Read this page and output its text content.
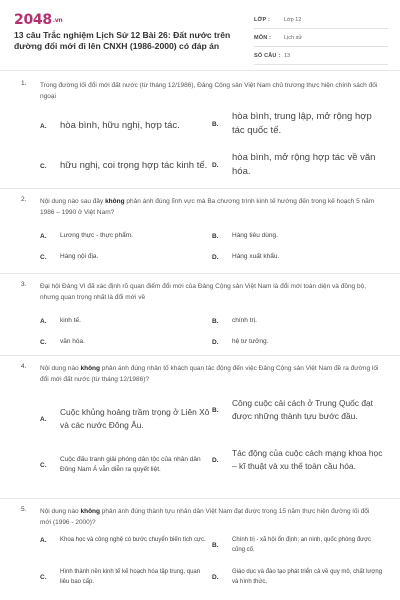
2048.vn
13 câu Trắc nghiệm Lịch Sử 12 Bài 26: Đất nước trên đường đổi mới đi lên CNXH (1986-2000) có đáp án
LỚP :	Lớp 12
MÔN : Lịch sử
SỐ CÂU : 13
1. Trong đường lối đổi mới đất nước (từ tháng 12/1986), Đảng Cộng sản Việt Nam chủ trương thực hiện chính sách đối ngoại
A.	hòa bình, hữu nghị, hợp tác.	B.
hòa bình, trung lập, mở rộng hợp tác quốc tế.
C.	hữu nghị, coi trọng hợp tác kinh tế. D.
hòa bình, mở rộng hợp tác về văn hóa.
2. Nội dung nào sau đây không phản ánh đúng lĩnh vực mà Ba chương trình kinh tế hướng đến trong kế hoạch 5 năm 1986 – 1990 ở Việt Nam?
A.	Lương thực - thực phẩm.	B.	Hàng tiêu dùng.
C.	Hàng nội địa.	D.	Hàng xuất khẩu.
3. Đại hội Đảng VI đã xác định rõ quan điểm đổi mới của Đảng Cộng sản Việt Nam là đổi mới toàn diện và đồng bộ, nhưng quan trọng nhất là đổi mới về
A.	kinh tế.	B.	chính trị.
C.	văn hóa.	D.	hệ tư tưởng.
4. Nội dung nào không phản ánh đúng nhân tố khách quan tác động đến việc Đảng Cộng sản Việt Nam đề ra đường lối đổi mới đất nước (từ tháng 12/1986)?
A.
Cuộc khủng hoảng trầm trọng ở Liên Xô và các nước Đông Âu.
B.
Công cuộc cải cách ở Trung Quốc đạt được những thành tựu bước đầu.
C.
Cuộc đấu tranh giải phóng dân tộc của nhân dân Đông Nam Á vẫn diễn ra quyết liệt.
D.
Tác động của cuộc cách mạng khoa học – kĩ thuật và xu thế toàn cầu hóa.
5. Nội dung nào không phản ánh đúng thành tựu nhân dân Việt Nam đạt được trong 15 năm thực hiện đường lối đổi mới (1996 - 2000)?
A.	Khoa học và công nghệ có bước chuyển biến tích cực.
B.
Chính trị - xã hội ổn định; an ninh, quốc phòng được củng cố.
C.
Hình thành nền kinh tế kế hoạch hóa tập trung, quan liêu bao cấp.
D.
Giáo dục và đào tạo phát triển cả về quy mô, chất lượng và hình thức.
